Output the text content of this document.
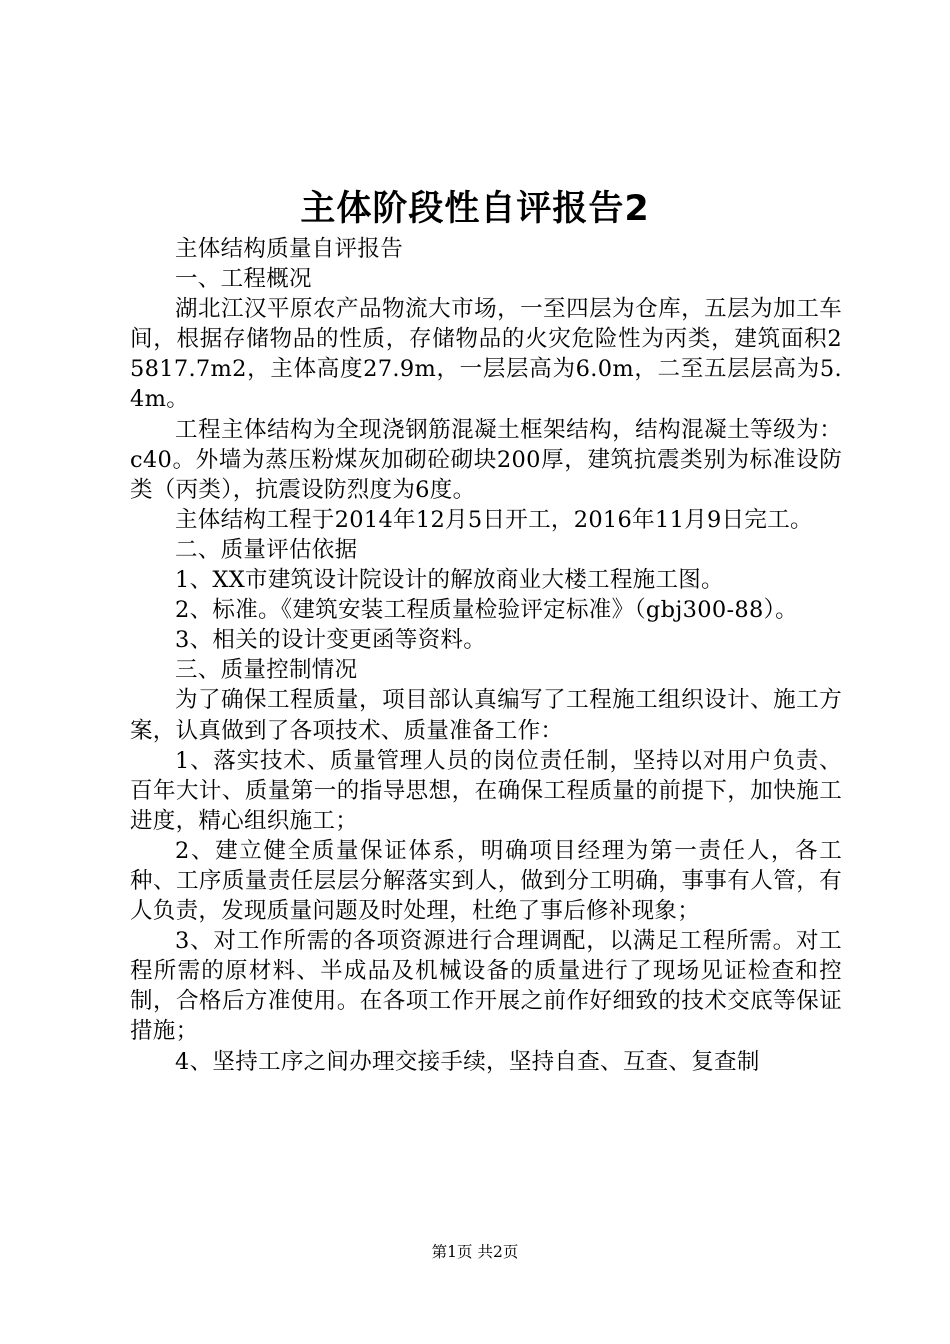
主体阶段性自评报告2

主体结构质量自评报告

一、工程概况

湖北江汉平原农产品物流大市场，一至四层为仓库，五层为加工车间，根据存储物品的性质，存储物品的火灾危险性为丙类，建筑面积25817.7m2，主体高度27.9m，一层层高为6.0m，二至五层层高为5.4m。

工程主体结构为全现浇钢筋混凝土框架结构，结构混凝土等级为：c40。外墙为蒸压粉煤灰加砌砼砌块200厚，建筑抗震类别为标准设防类（丙类），抗震设防烈度为6度。

主体结构工程于2014年12月5日开工，2016年11月9日完工。

二、质量评估依据

1、XX市建筑设计院设计的解放商业大楼工程施工图。

2、标准。《建筑安装工程质量检验评定标准》（gbj300-88）。

3、相关的设计变更函等资料。

三、质量控制情况

为了确保工程质量，项目部认真编写了工程施工组织设计、施工方案，认真做到了各项技术、质量准备工作：

1、落实技术、质量管理人员的岗位责任制，坚持以对用户负责、百年大计、质量第一的指导思想，在确保工程质量的前提下，加快施工进度，精心组织施工；

2、建立健全质量保证体系，明确项目经理为第一责任人，各工种、工序质量责任层层分解落实到人，做到分工明确，事事有人管，有人负责，发现质量问题及时处理，杜绝了事后修补现象；

3、对工作所需的各项资源进行合理调配，以满足工程所需。对工程所需的原材料、半成品及机械设备的质量进行了现场见证检查和控制，合格后方准使用。在各项工作开展之前作好细致的技术交底等保证措施；

4、坚持工序之间办理交接手续，坚持自查、互查、复查制

第1页 共2页
